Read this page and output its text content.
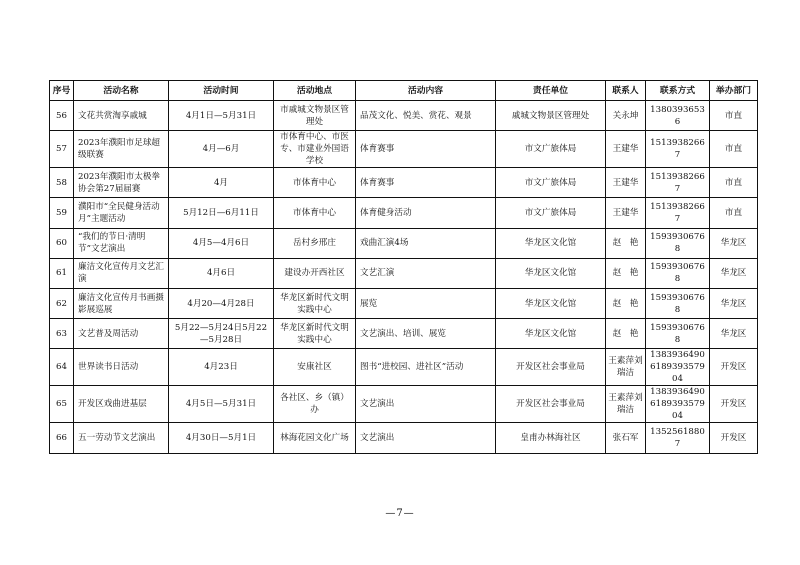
序号	活动名称	活动时间	活动地点	活动内容	责任单位	联系人	联系方式	举办部门
56	文花共赏淘享戚城	4月1日—5月31日	市戚城文物景区管理处	品茂文化、悦美、赏花、观景	戚城文物景区管理处	关永坤	13803936536	市直
57	2023年濮阳市足球超级联赛	4月—6月	市体育中心、市医专、市建业外国语学校	体育赛事	市文广旅体局	王建华	15139382667	市直
58	2023年濮阳市太极拳协会第27届届赛	4月	市体育中心	体育赛事	市文广旅体局	王建华	15139382667	市直
59	濮阳市“全民健身活动月”主题活动	5月12日—6月11日	市体育中心	体育健身活动	市文广旅体局	王建华	15139382667	市直
60	“我们的节日·清明节”文艺演出	4月5—4月6日	岳村乡邢庄	戏曲汇演4场	华龙区文化馆	赵　艳	15939306768	华龙区
61	廉洁文化宣传月文艺汇演	4月6日	建设办开西社区	文艺汇演	华龙区文化馆	赵　艳	15939306768	华龙区
62	廉洁文化宣传月书画摄影展巡展	4月20—4月28日	华龙区新时代文明实践中心	展览	华龙区文化馆	赵　艳	15939306768	华龙区
63	文艺普及周活动	5月22—5月24日5月22—5月28日	华龙区新时代文明实践中心	文艺演出、培训、展览	华龙区文化馆	赵　艳	15939306768	华龙区
64	世界读书日活动	4月23日	安康社区	图书“进校园、进社区”活动	开发区社会事业局	王素萍刘瑞洁	1383936490618939357904	开发区
65	开发区戏曲进基层	4月5日—5月31日	各社区、乡（镇）办	文艺演出	开发区社会事业局	王素萍刘瑞洁	1383936490618939357904	开发区
66	五一劳动节文艺演出	4月30日—5月1日	林海花园文化广场	文艺演出	皇甫办林海社区	张石军	13525618807	开发区
—7—
